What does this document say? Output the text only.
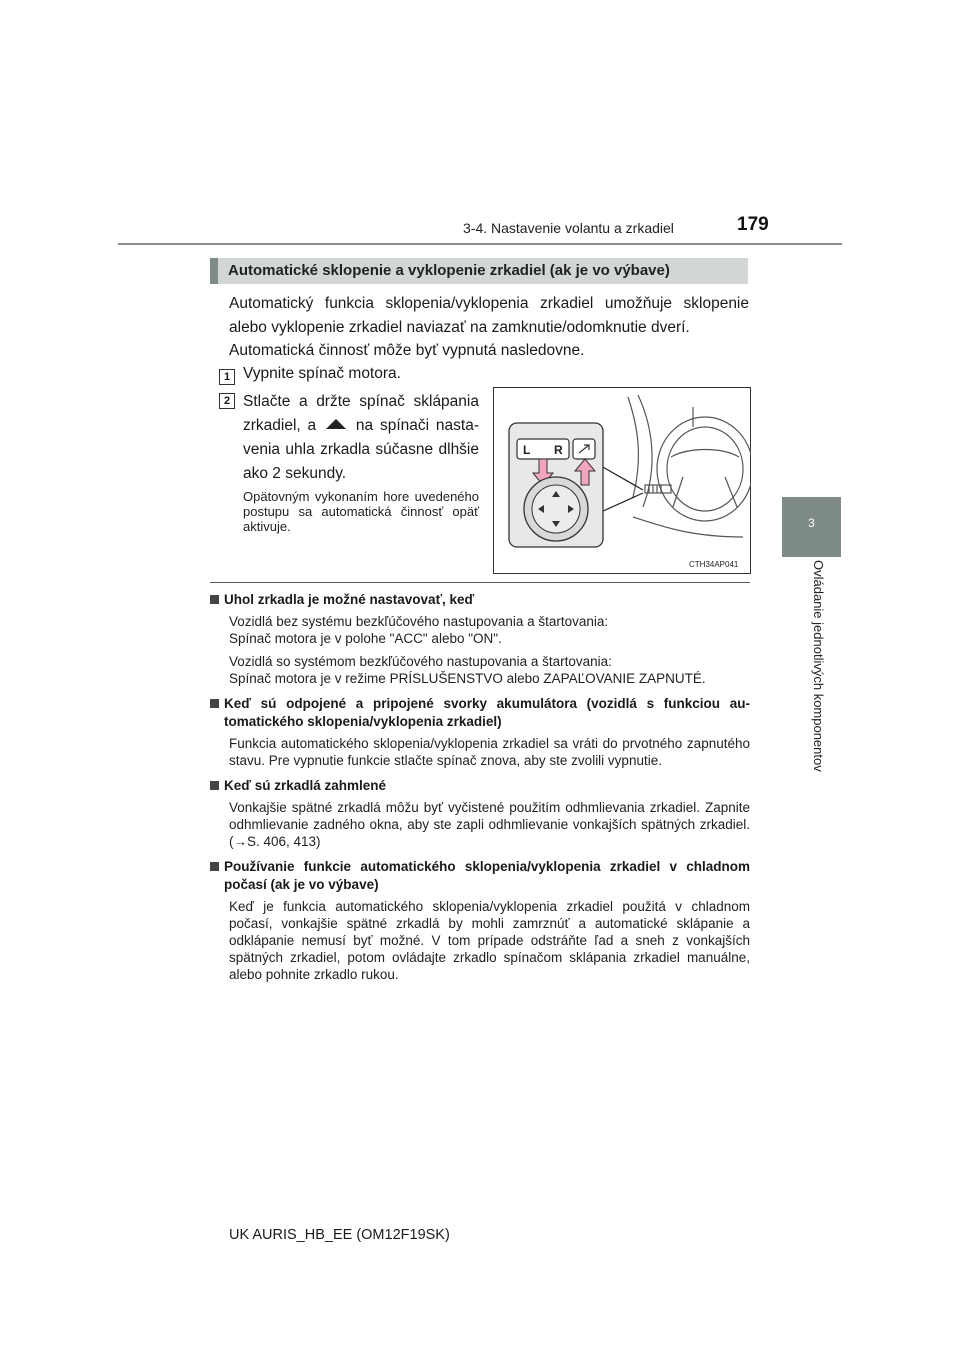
3-4. Nastavenie volantu a zrkadiel	179
3
Ovládanie jednotlivých komponentov
Automatické sklopenie a vyklopenie zrkadiel (ak je vo výbave)
Automatický funkcia sklopenia/vyklopenia zrkadiel umožňuje sklopenie alebo vyklopenie zrkadiel naviazať na zamknutie/odomknutie dverí.
Automatická činnosť môže byť vypnutá nasledovne.
1 Vypnite spínač motora.
2 Stlačte a držte spínač sklápania zrkadiel, a	na spínači nastavenia uhla zrkadla súčasne dlhšie ako 2 sekundy.
Opätovným vykonaním hore uvedeného postupu sa automatická činnosť opäť aktivuje.
L R
CTH34AP041
Uhol zrkadla je možné nastavovať, keď
Vozidlá bez systému bezkľúčového nastupovania a štartovania:
Spínač motora je v polohe "ACC" alebo "ON".
Vozidlá so systémom bezkľúčového nastupovania a štartovania:
Spínač motora je v režime PRÍSLUŠENSTVO alebo ZAPAĽOVANIE ZAPNUTÉ.
Keď sú odpojené a pripojené svorky akumulátora (vozidlá s funkciou automatického sklopenia/vyklopenia zrkadiel)
Funkcia automatického sklopenia/vyklopenia zrkadiel sa vráti do prvotného zapnutého stavu. Pre vypnutie funkcie stlačte spínač znova, aby ste zvolili vypnutie.
Keď sú zrkadlá zahmlené
Vonkajšie spätné zrkadlá môžu byť vyčistené použitím odhmlievania zrkadiel. Zapnite odhmlievanie zadného okna, aby ste zapli odhmlievanie vonkajších spätných zrkadiel. (→S. 406, 413)
Používanie funkcie automatického sklopenia/vyklopenia zrkadiel v chladnom počasí (ak je vo výbave)
Keď je funkcia automatického sklopenia/vyklopenia zrkadiel použitá v chladnom počasí, vonkajšie spätné zrkadlá by mohli zamrznúť a automatické sklápanie a odklápanie nemusí byť možné. V tom prípade odstráňte ľad a sneh z vonkajších spätných zrkadiel, potom ovládajte zrkadlo spínačom sklápania zrkadiel manuálne, alebo pohnite zrkadlo rukou.
UK AURIS_HB_EE (OM12F19SK)
